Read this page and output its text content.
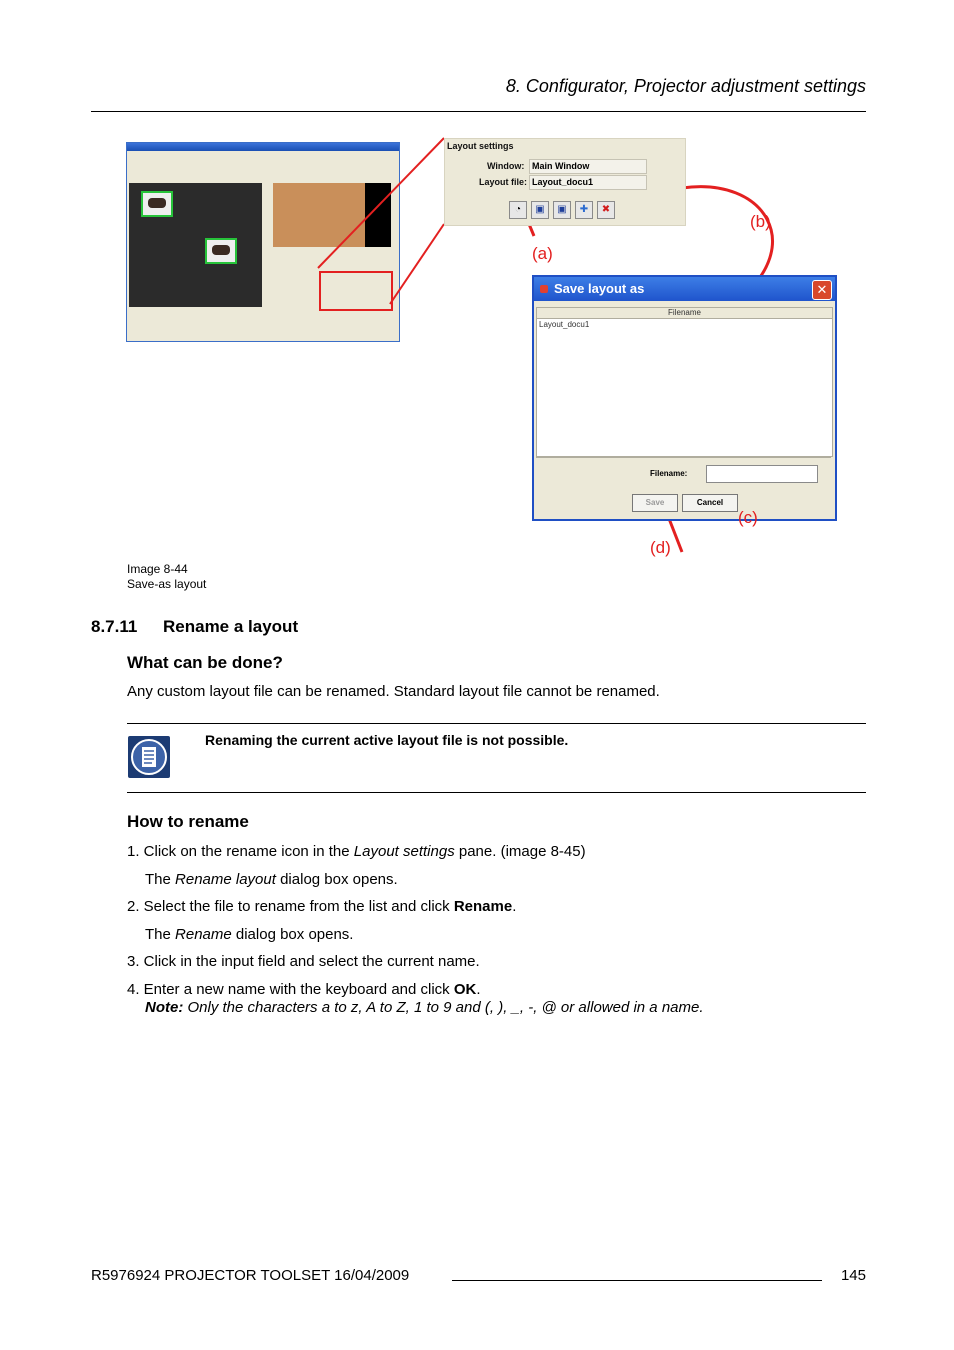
8. Configurator, Projector adjustment settings
Layout settings
Window: Main Window
Layout file: Layout_docu1
◔	▣	▣	✚	✖
Save layout as	✕
Filename
Layout_docu1
Filename:
Save	Cancel
(a)
(b)
(c)
(d)
Image 8-44
Save-as layout
8.7.11 Rename a layout
What can be done?
Any custom layout file can be renamed. Standard layout file cannot be renamed.
Renaming the current active layout file is not possible.
How to rename
1. Click on the rename icon in the Layout settings pane. (image 8-45)
The Rename layout dialog box opens.
2. Select the file to rename from the list and click Rename.
The Rename dialog box opens.
3. Click in the input field and select the current name.
4. Enter a new name with the keyboard and click OK.
Note: Only the characters a to z, A to Z, 1 to 9 and (, ), _, -, @ or allowed in a name.
R5976924 PROJECTOR TOOLSET 16/04/2009	145
